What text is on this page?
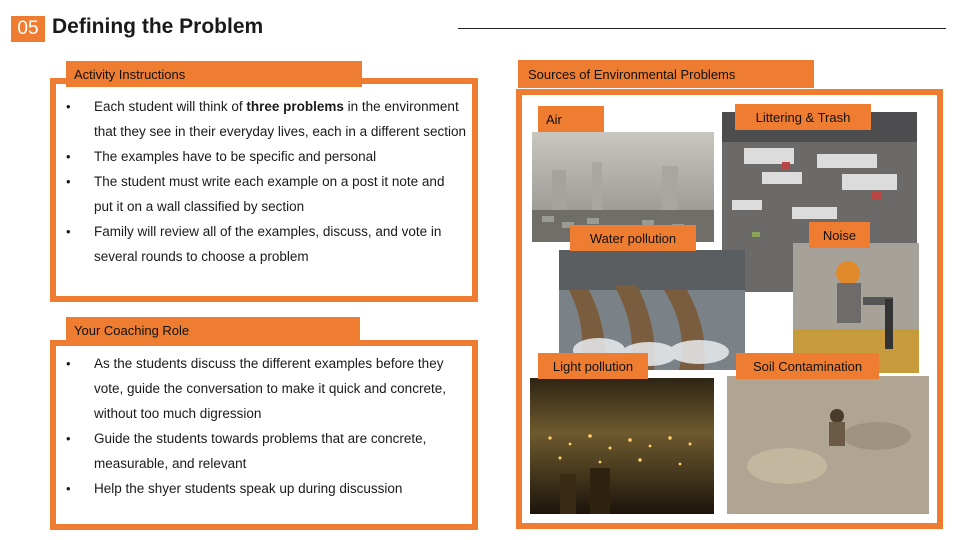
05 Defining the Problem
Activity Instructions
• Each student will think of three problems in the environment that they see in their everyday lives, each in a different section
• The examples have to be specific and personal
• The student must write each example on a post it note and put it on a wall classified by section
• Family will review all of the examples, discuss, and vote in several rounds to choose a problem
Your Coaching Role
• As the students discuss the different examples before they vote, guide the conversation to make it quick and concrete, without too much digression
• Guide the students towards problems that are concrete, measurable, and relevant
• Help the shyer students speak up during discussion
Sources of Environmental Problems
Air	Littering & Trash
Water pollution	Noise
Light pollution	Soil Contamination
